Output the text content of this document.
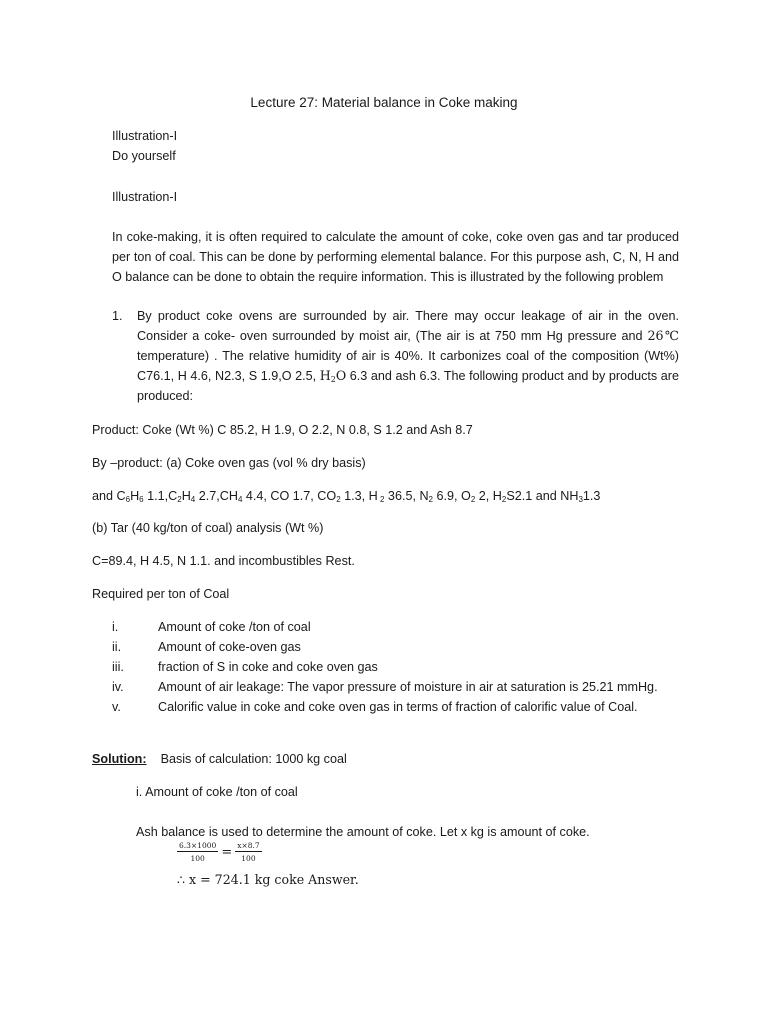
Lecture 27: Material balance in Coke making
Illustration-I
Do yourself
Illustration-I
In coke-making, it is often required to calculate the amount of coke, coke oven gas and tar produced per ton of coal. This can be done by performing elemental balance. For this purpose ash, C, N, H and O balance can be done to obtain the require information. This is illustrated by the following problem
1. By product coke ovens are surrounded by air. There may occur leakage of air in the oven. Consider a coke- oven surrounded by moist air, (The air is at 750 mm Hg pressure and 26℃ temperature) . The relative humidity of air is 40%. It carbonizes coal of the composition (Wt%) C76.1, H 4.6, N2.3, S 1.9,O 2.5, $H_2O$ 6.3 and ash 6.3. The following product and by products are produced:
Product: Coke (Wt %) C 85.2, H 1.9, O 2.2, N 0.8, S 1.2 and Ash 8.7
By –product: (a) Coke oven gas (vol % dry basis)
and $C_6H_6$ $1.1,C_2H_4$ $2.7,CH_4$ 4.4, CO 1.7, $CO_2$ 1.3, H $_2$ 36.5, $N_2$ 6.9, $O_2$ 2, $H_2S2.1$ and $NH_31.3$
(b) Tar (40 kg/ton of coal) analysis (Wt %)
C=89.4, H 4.5, N 1.1. and incombustibles Rest.
Required per ton of Coal
i.	Amount of coke /ton of coal
ii.	Amount of coke-oven gas
iii.	fraction of S in coke and coke oven gas
iv.	Amount of air leakage: The vapor pressure of moisture in air at saturation is 25.21 mmHg.
v.	Calorific value in coke and coke oven gas in terms of fraction of calorific value of Coal.
Solution: Basis of calculation: 1000 kg coal
i. Amount of coke /ton of coal
Ash balance is used to determine the amount of coke. Let x kg is amount of coke.
$\frac{6.3\times 1000}{100} = \frac{x\times 8.7}{100}$
∴ x = 724.1 kg coke Answer.
